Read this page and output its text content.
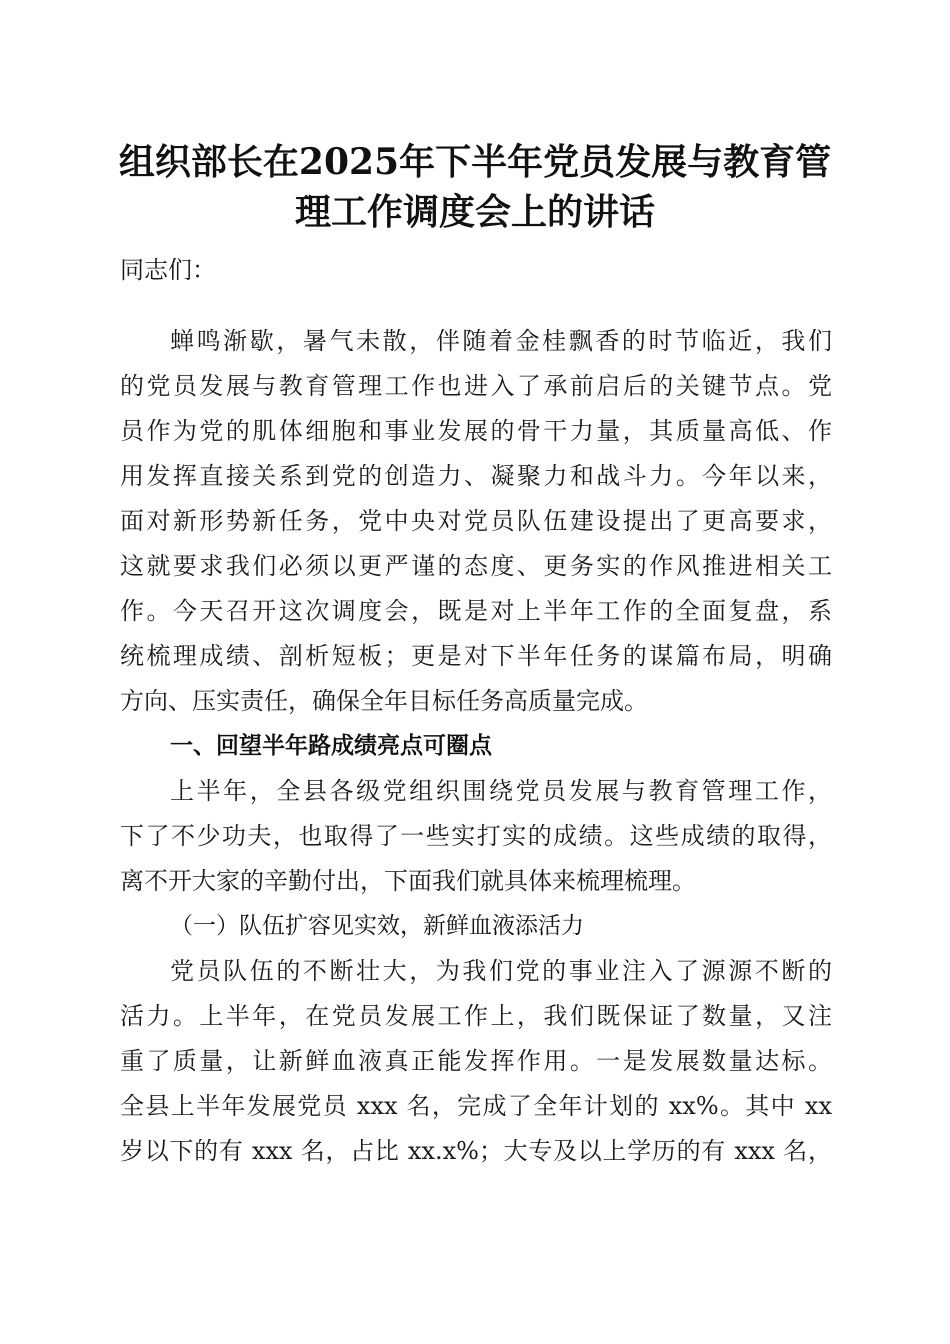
组织部长在2025年下半年党员发展与教育管
理工作调度会上的讲话
同志们：
蝉鸣渐歇，暑气未散，伴随着金桂飘香的时节临近，我们
的党员发展与教育管理工作也进入了承前启后的关键节点。党
员作为党的肌体细胞和事业发展的骨干力量，其质量高低、作
用发挥直接关系到党的创造力、凝聚力和战斗力。今年以来，
面对新形势新任务，党中央对党员队伍建设提出了更高要求，
这就要求我们必须以更严谨的态度、更务实的作风推进相关工
作。今天召开这次调度会，既是对上半年工作的全面复盘，系
统梳理成绩、剖析短板；更是对下半年任务的谋篇布局，明确
方向、压实责任，确保全年目标任务高质量完成。
一、回望半年路成绩亮点可圈点
上半年，全县各级党组织围绕党员发展与教育管理工作，
下了不少功夫，也取得了一些实打实的成绩。这些成绩的取得，
离不开大家的辛勤付出，下面我们就具体来梳理梳理。
（一）队伍扩容见实效，新鲜血液添活力
党员队伍的不断壮大，为我们党的事业注入了源源不断的
活力。上半年，在党员发展工作上，我们既保证了数量，又注
重了质量，让新鲜血液真正能发挥作用。一是发展数量达标。
全县上半年发展党员 xxx 名，完成了全年计划的 xx%。其中 xx
岁以下的有 xxx 名，占比 xx.x%；大专及以上学历的有 xxx 名，
